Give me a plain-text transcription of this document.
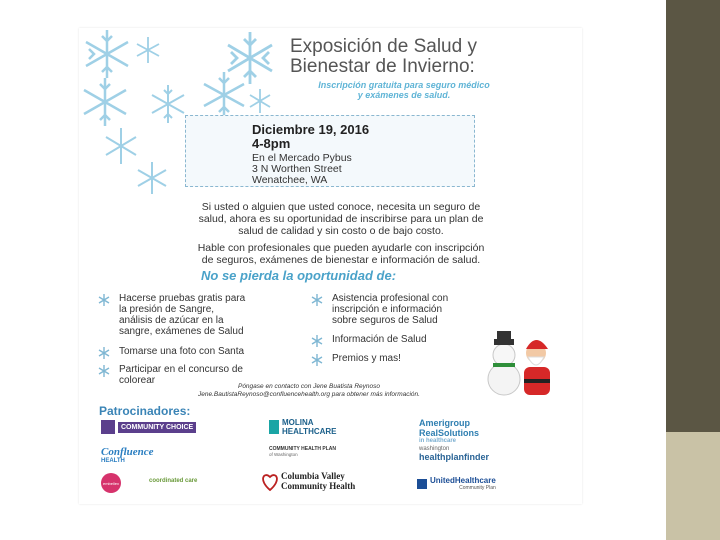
Exposición de Salud y
Bienestar de Invierno:
Inscripción gratuita para seguro médico
y exámenes de salud.
Diciembre 19, 2016
4-8pm
En el Mercado Pybus
3 N Worthen Street
Wenatchee, WA
Si usted o alguien que usted conoce, necesita un seguro de
salud, ahora es su oportunidad de inscribirse para un plan de
salud de calidad y sin costo o de bajo costo.
Hable con profesionales que pueden ayudarle con inscripción
de seguros, exámenes de bienestar e información de salud.
No se pierda la oportunidad de:
Hacerse pruebas gratis para
la presión de Sangre,
análisis de azúcar en la
sangre, exámenes de Salud
Tomarse una foto con Santa
Participar en el concurso de
colorear
Asistencia profesional con
inscripción e información
sobre seguros de Salud
Información de Salud
Premios y mas!
Póngase en contacto con Jene Buatista Reynoso
Jene.BautistaReynoso@confluencehealth.org para obtener más información.
Patrocinadores:
COMMUNITY CHOICE	MOLINA HEALTHCARE
Amerigroup
RealSolutions
in healthcare
Confluence
HEALTH
COMMUNITY HEALTH PLAN
of Washington
washington
healthplanfinder
embellex	coordinated care	Columbia Valley
Community Health
UnitedHealthcare
Community Plan
